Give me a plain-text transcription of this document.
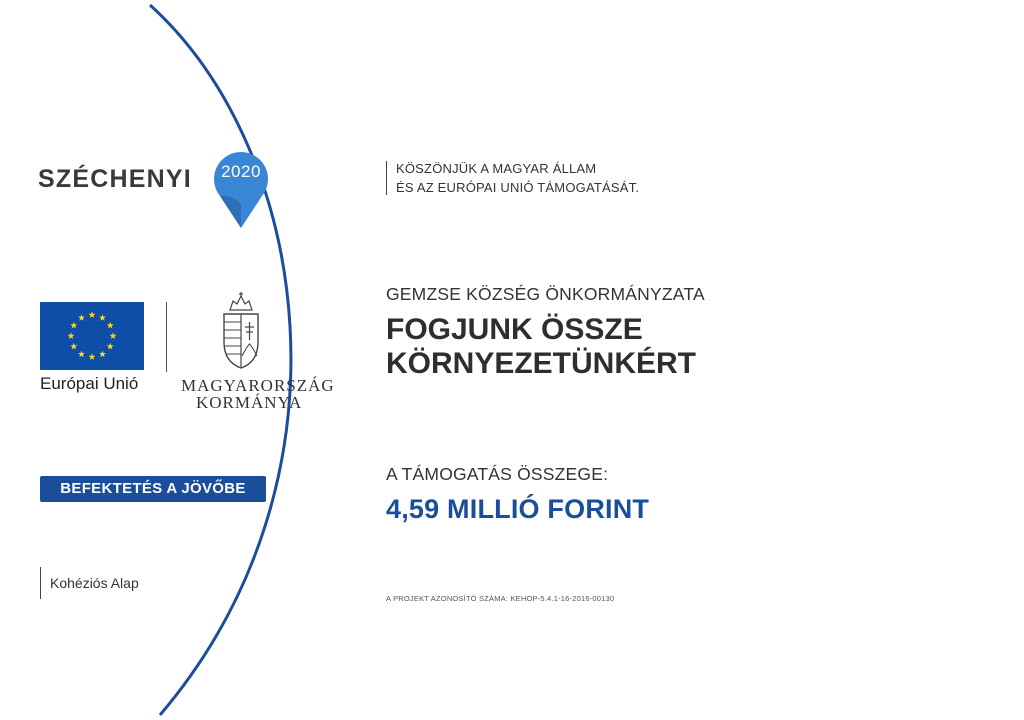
SZÉCHENYI	2020
Európai Unió	MAGYARORSZÁG
KORMÁNYA
BEFEKTETÉS A JÖVŐBE
Kohéziós Alap
KÖSZÖNJÜK A MAGYAR ÁLLAM
ÉS AZ EURÓPAI UNIÓ TÁMOGATÁSÁT.
GEMZSE KÖZSÉG ÖNKORMÁNYZATA
FOGJUNK ÖSSZE
KÖRNYEZETÜNKÉRT
A TÁMOGATÁS ÖSSZEGE:
4,59 MILLIÓ FORINT
A PROJEKT AZONOSÍTÓ SZÁMA: KEHOP-5.4.1-16-2016-00130
